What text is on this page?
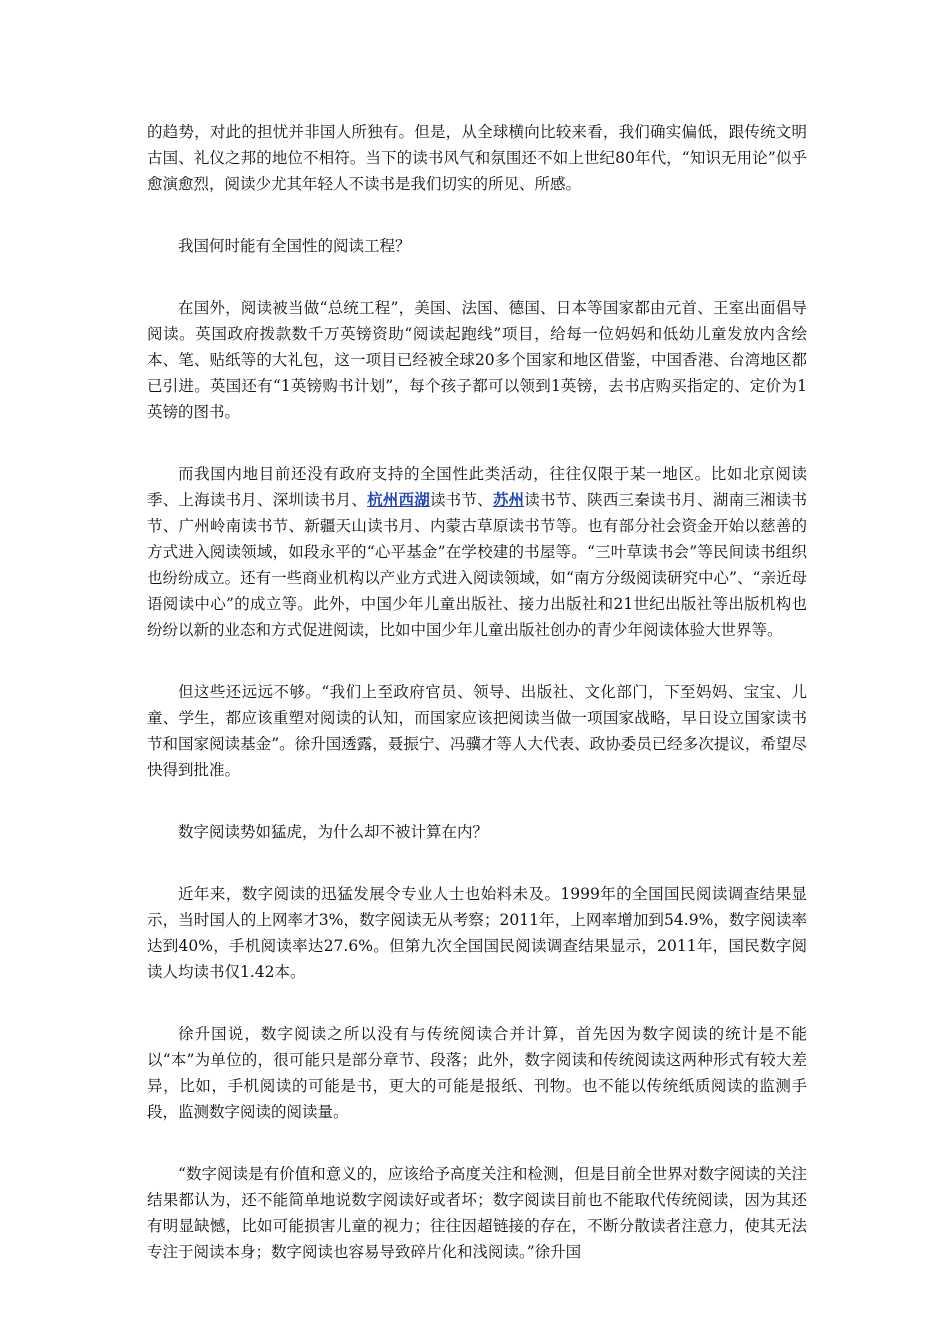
的趋势，对此的担忧并非国人所独有。但是，从全球横向比较来看，我们确实偏低，跟传统文明古国、礼仪之邦的地位不相符。当下的读书风气和氛围还不如上世纪80年代，“知识无用论”似乎愈演愈烈，阅读少尤其年轻人不读书是我们切实的所见、所感。

我国何时能有全国性的阅读工程？

在国外，阅读被当做“总统工程”，美国、法国、德国、日本等国家都由元首、王室出面倡导阅读。英国政府拨款数千万英镑资助“阅读起跑线”项目，给每一位妈妈和低幼儿童发放内含绘本、笔、贴纸等的大礼包，这一项目已经被全球20多个国家和地区借鉴，中国香港、台湾地区都已引进。英国还有“1英镑购书计划”，每个孩子都可以领到1英镑，去书店购买指定的、定价为1英镑的图书。

而我国内地目前还没有政府支持的全国性此类活动，往往仅限于某一地区。比如北京阅读季、上海读书月、深圳读书月、杭州西湖读书节、苏州读书节、陕西三秦读书月、湖南三湘读书节、广州岭南读书节、新疆天山读书月、内蒙古草原读书节等。也有部分社会资金开始以慈善的方式进入阅读领域，如段永平的“心平基金”在学校建的书屋等。“三叶草读书会”等民间读书组织也纷纷成立。还有一些商业机构以产业方式进入阅读领域，如“南方分级阅读研究中心”、“亲近母语阅读中心”的成立等。此外，中国少年儿童出版社、接力出版社和21世纪出版社等出版机构也纷纷以新的业态和方式促进阅读，比如中国少年儿童出版社创办的青少年阅读体验大世界等。

但这些还远远不够。“我们上至政府官员、领导、出版社、文化部门，下至妈妈、宝宝、儿童、学生，都应该重塑对阅读的认知，而国家应该把阅读当做一项国家战略，早日设立国家读书节和国家阅读基金”。徐升国透露，聂振宁、冯骥才等人大代表、政协委员已经多次提议，希望尽快得到批准。

数字阅读势如猛虎，为什么却不被计算在内？

近年来，数字阅读的迅猛发展令专业人士也始料未及。1999年的全国国民阅读调查结果显示，当时国人的上网率才3%，数字阅读无从考察；2011年，上网率增加到54.9%，数字阅读率达到40%，手机阅读率达27.6%。但第九次全国国民阅读调查结果显示，2011年，国民数字阅读人均读书仅1.42本。

徐升国说，数字阅读之所以没有与传统阅读合并计算，首先因为数字阅读的统计是不能以“本”为单位的，很可能只是部分章节、段落；此外，数字阅读和传统阅读这两种形式有较大差异，比如，手机阅读的可能是书，更大的可能是报纸、刊物。也不能以传统纸质阅读的监测手段，监测数字阅读的阅读量。

“数字阅读是有价值和意义的，应该给予高度关注和检测，但是目前全世界对数字阅读的关注结果都认为，还不能简单地说数字阅读好或者坏；数字阅读目前也不能取代传统阅读，因为其还有明显缺憾，比如可能损害儿童的视力；往往因超链接的存在，不断分散读者注意力，使其无法专注于阅读本身；数字阅读也容易导致碎片化和浅阅读。”徐升国
